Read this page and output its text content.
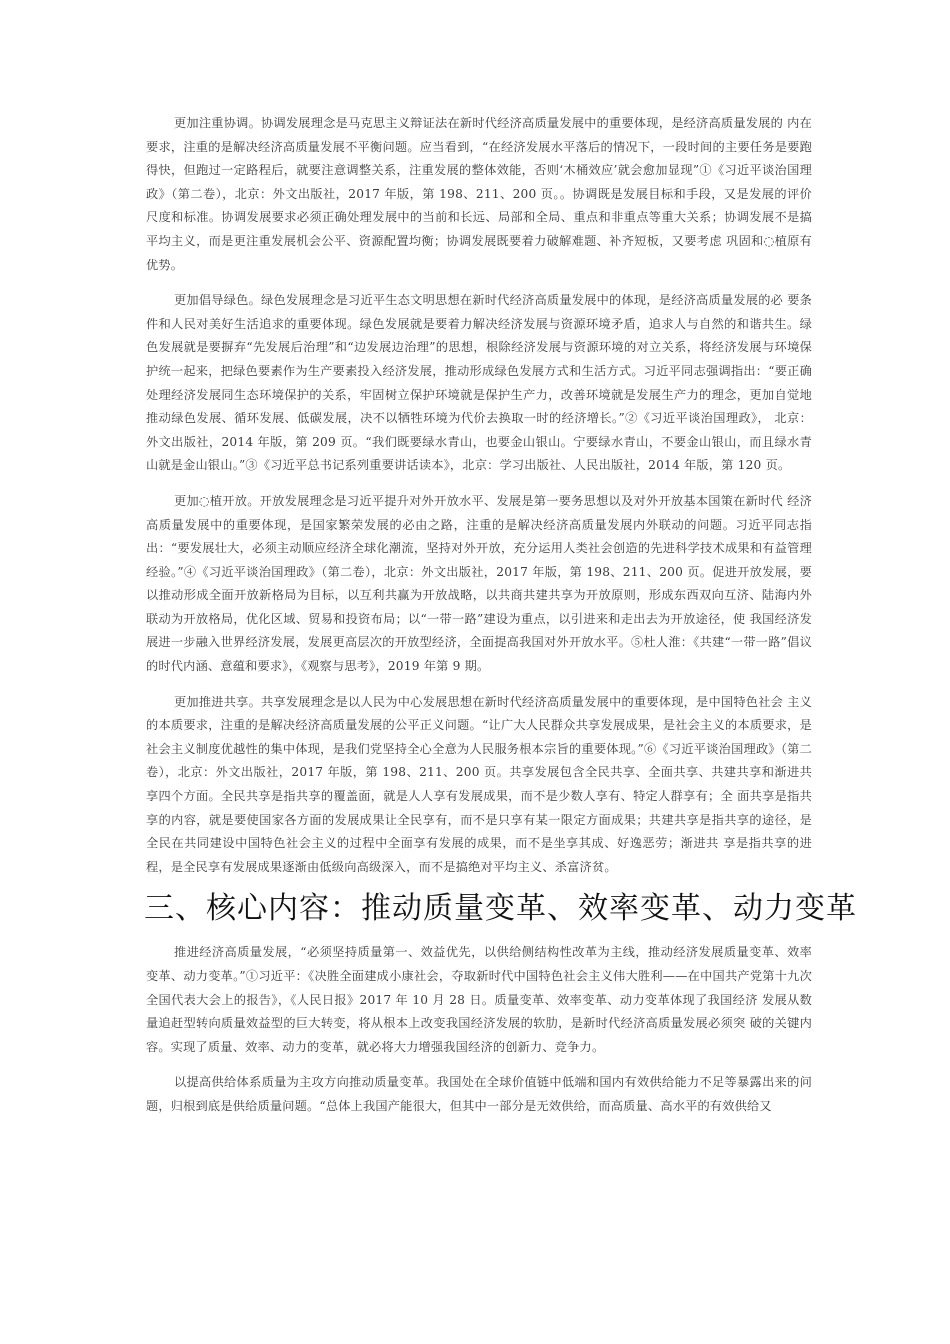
更加注重协调。协调发展理念是马克思主义辩证法在新时代经济高质量发展中的重要体现，是经济高质量发展的 内在要求，注重的是解决经济高质量发展不平衡问题。应当看到，“在经济发展水平落后的情况下，一段时间的主要任务是要跑得快，但跑过一定路程后，就要注意调整关系，注重发展的整体效能，否则‘木桶效应’就会愈加显现”①《习近平谈治国理政》（第二卷），北京：外文出版社，2017 年版，第 198、211、200 页。。协调既是发展目标和手段，又是发展的评价尺度和标准。协调发展要求必须正确处理发展中的当前和长远、局部和全局、重点和非重点等重大关系；协调发展不是搞平均主义，而是更注重发展机会公平、资源配置均衡；协调发展既要着力破解难题、补齐短板，又要考虑 巩固和◌植原有优势。

更加倡导绿色。绿色发展理念是习近平生态文明思想在新时代经济高质量发展中的体现，是经济高质量发展的必 要条件和人民对美好生活追求的重要体现。绿色发展就是要着力解决经济发展与资源环境矛盾，追求人与自然的和谐共生。绿色发展就是要摒弃“先发展后治理”和“边发展边治理”的思想，根除经济发展与资源环境的对立关系，将经济发展与环境保护统一起来，把绿色要素作为生产要素投入经济发展，推动形成绿色发展方式和生活方式。习近平同志强调指出：“要正确处理经济发展同生态环境保护的关系，牢固树立保护环境就是保护生产力，改善环境就是发展生产力的理念，更加自觉地推动绿色发展、循环发展、低碳发展，决不以牺牲环境为代价去换取一时的经济增长。”②《习近平谈治国理政》， 北京：外文出版社，2014 年版，第 209 页。“我们既要绿水青山，也要金山银山。宁要绿水青山，不要金山银山，而且绿水青山就是金山银山。”③《习近平总书记系列重要讲话读本》，北京：学习出版社、人民出版社，2014 年版，第 120 页。

更加◌植开放。开放发展理念是习近平提升对外开放水平、发展是第一要务思想以及对外开放基本国策在新时代 经济高质量发展中的重要体现，是国家繁荣发展的必由之路，注重的是解决经济高质量发展内外联动的问题。习近平同志指出：“要发展壮大，必须主动顺应经济全球化潮流，坚持对外开放，充分运用人类社会创造的先进科学技术成果和有益管理经验。”④《习近平谈治国理政》（第二卷），北京：外文出版社，2017 年版，第 198、211、200 页。促进开放发展，要以推动形成全面开放新格局为目标，以互利共赢为开放战略，以共商共建共享为开放原则，形成东西双向互济、陆海内外联动为开放格局，优化区域、贸易和投资布局；以“一带一路”建设为重点，以引进来和走出去为开放途径，使 我国经济发展进一步融入世界经济发展，发展更高层次的开放型经济，全面提高我国对外开放水平。⑤杜人淮：《共建“一带一路”倡议的时代内涵、意蕴和要求》，《观察与思考》，2019 年第 9 期。

更加推进共享。共享发展理念是以人民为中心发展思想在新时代经济高质量发展中的重要体现，是中国特色社会 主义的本质要求，注重的是解决经济高质量发展的公平正义问题。“让广大人民群众共享发展成果，是社会主义的本质要求，是社会主义制度优越性的集中体现，是我们党坚持全心全意为人民服务根本宗旨的重要体现。”⑥《习近平谈治国理政》（第二卷），北京：外文出版社，2017 年版，第 198、211、200 页。共享发展包含全民共享、全面共享、共建共享和渐进共享四个方面。全民共享是指共享的覆盖面，就是人人享有发展成果，而不是少数人享有、特定人群享有；全 面共享是指共享的内容，就是要使国家各方面的发展成果让全民享有，而不是只享有某一限定方面成果；共建共享是指共享的途径，是全民在共同建设中国特色社会主义的过程中全面享有发展的成果，而不是坐享其成、好逸恶劳；渐进共 享是指共享的进程，是全民享有发展成果逐渐由低级向高级深入，而不是搞绝对平均主义、杀富济贫。

三、核心内容：推动质量变革、效率变革、动力变革

推进经济高质量发展，“必须坚持质量第一、效益优先，以供给侧结构性改革为主线，推动经济发展质量变革、效率变革、动力变革。”①习近平：《决胜全面建成小康社会，夺取新时代中国特色社会主义伟大胜利——在中国共产党第十九次全国代表大会上的报告》，《人民日报》2017 年 10 月 28 日。质量变革、效率变革、动力变革体现了我国经济 发展从数量追赶型转向质量效益型的巨大转变，将从根本上改变我国经济发展的软肋，是新时代经济高质量发展必须突 破的关键内容。实现了质量、效率、动力的变革，就必将大力增强我国经济的创新力、竞争力。

以提高供给体系质量为主攻方向推动质量变革。我国处在全球价值链中低端和国内有效供给能力不足等暴露出来的问题，归根到底是供给质量问题。“总体上我国产能很大，但其中一部分是无效供给，而高质量、高水平的有效供给又
